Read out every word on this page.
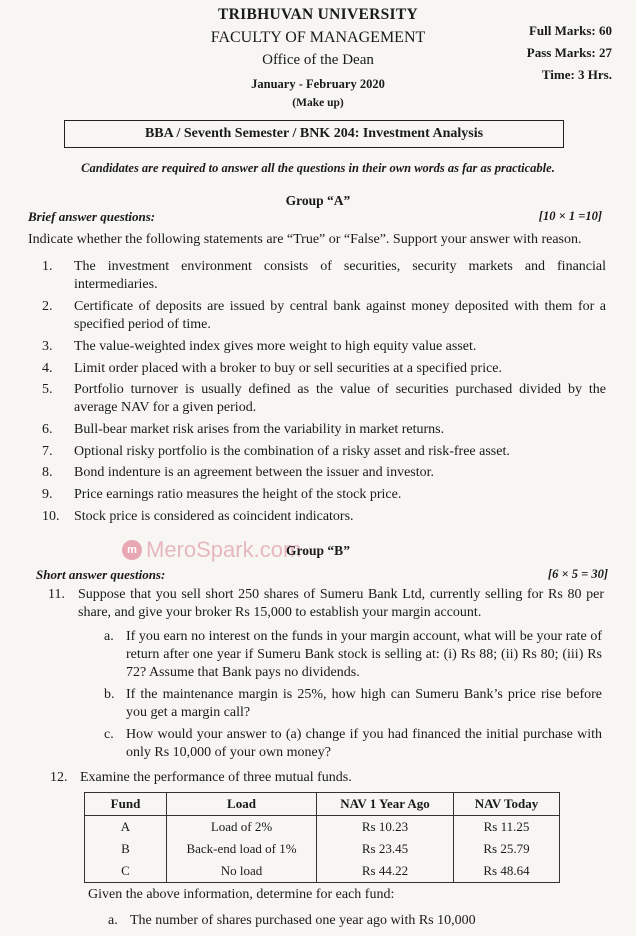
TRIBHUVAN UNIVERSITY
FACULTY OF MANAGEMENT
Office of the Dean
January - February 2020
(Make up)
Full Marks: 60
Pass Marks: 27
Time: 3 Hrs.
BBA / Seventh Semester / BNK 204: Investment Analysis
Candidates are required to answer all the questions in their own words as far as practicable.
Group “A”
Brief answer questions:	[10 × 1 =10]
Indicate whether the following statements are “True” or “False”. Support your answer with reason.
1. The investment environment consists of securities, security markets and financial intermediaries.
2. Certificate of deposits are issued by central bank against money deposited with them for a specified period of time.
3. The value-weighted index gives more weight to high equity value asset.
4. Limit order placed with a broker to buy or sell securities at a specified price.
5. Portfolio turnover is usually defined as the value of securities purchased divided by the average NAV for a given period.
6. Bull-bear market risk arises from the variability in market returns.
7. Optional risky portfolio is the combination of a risky asset and risk-free asset.
8. Bond indenture is an agreement between the issuer and investor.
9. Price earnings ratio measures the height of the stock price.
10. Stock price is considered as coincident indicators.
m MeroSpark.com
Group “B”
Short answer questions:	[6 × 5 = 30]
11. Suppose that you sell short 250 shares of Sumeru Bank Ltd, currently selling for Rs 80 per share, and give your broker Rs 15,000 to establish your margin account.
a. If you earn no interest on the funds in your margin account, what will be your rate of return after one year if Sumeru Bank stock is selling at: (i) Rs 88; (ii) Rs 80; (iii) Rs 72? Assume that Bank pays no dividends.
b. If the maintenance margin is 25%, how high can Sumeru Bank’s price rise before you get a margin call?
c. How would your answer to (a) change if you had financed the initial purchase with only Rs 10,000 of your own money?
12. Examine the performance of three mutual funds.
Fund	Load	NAV 1 Year Ago	NAV Today
A	Load of 2%	Rs 10.23	Rs 11.25
B	Back-end load of 1%	Rs 23.45	Rs 25.79
C	No load	Rs 44.22	Rs 48.64
Given the above information, determine for each fund:
a. The number of shares purchased one year ago with Rs 10,000
